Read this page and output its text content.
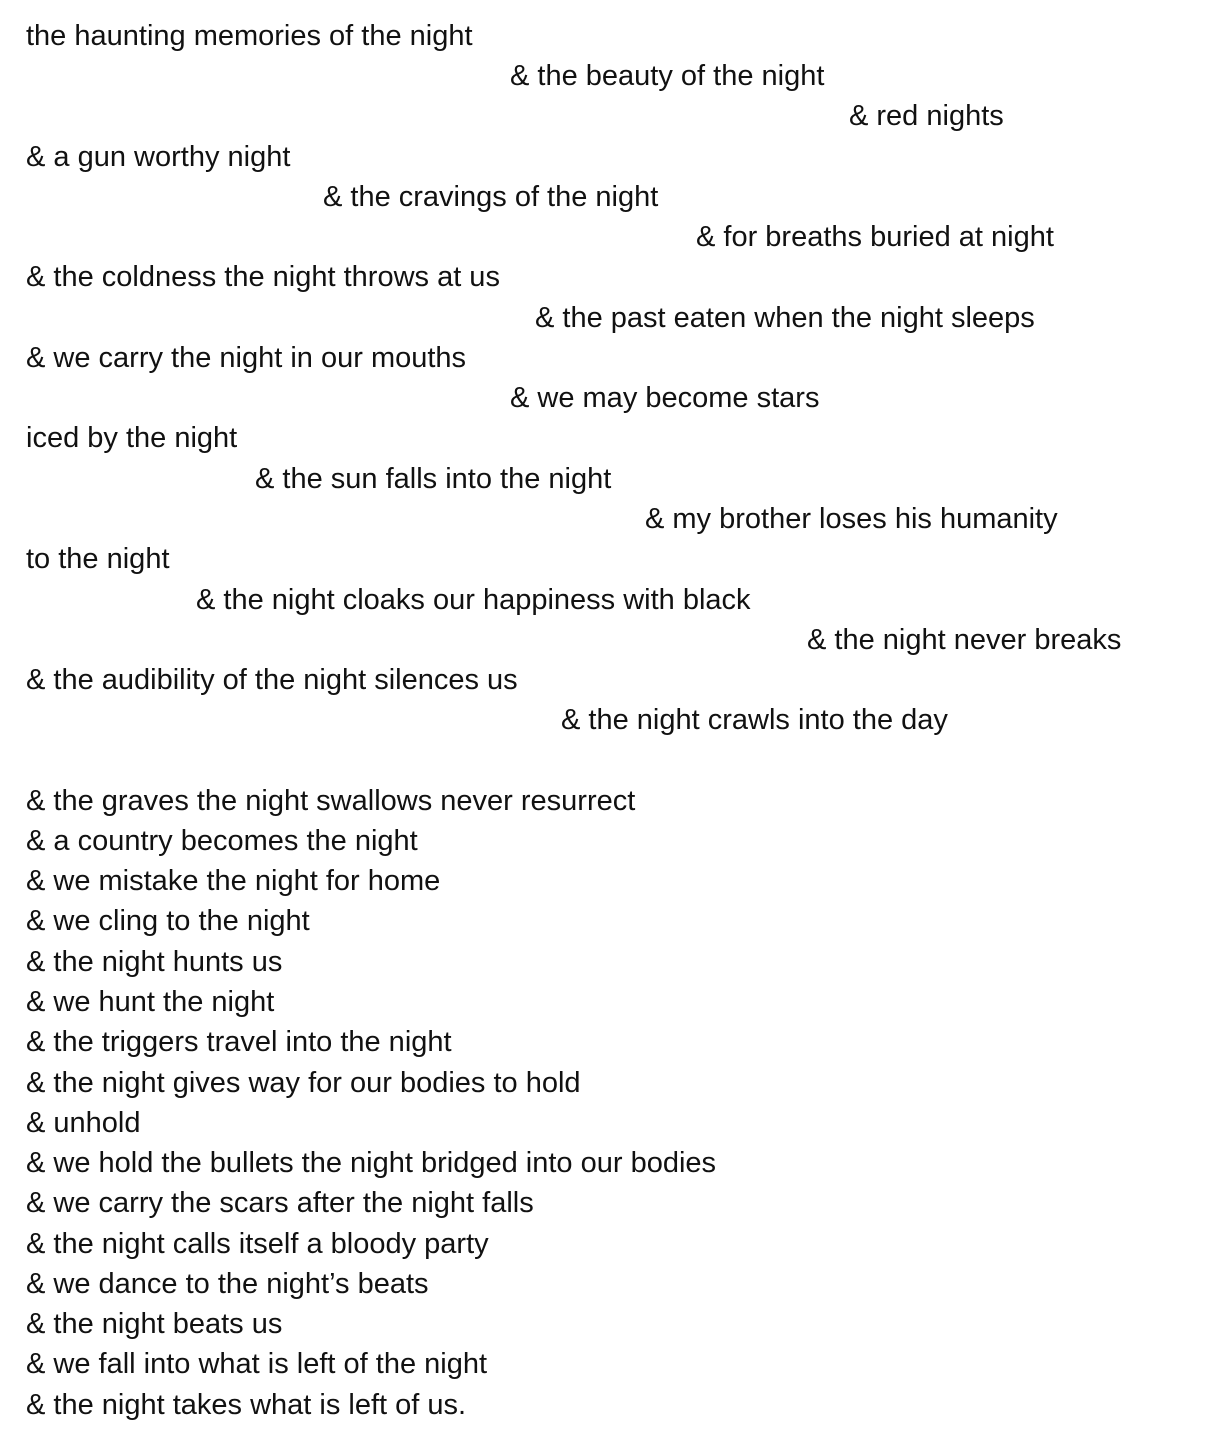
the haunting memories of the night

& the beauty of the night

& red nights

& a gun worthy night

& the cravings of the night

& for breaths buried at night

& the coldness the night throws at us

& the past eaten when the night sleeps

& we carry the night in our mouths

& we may become stars

iced by the night

& the sun falls into the night

& my brother loses his humanity

to the night

& the night cloaks our happiness with black

& the night never breaks

& the audibility of the night silences us

& the night crawls into the day

& the graves the night swallows never resurrect

& a country becomes the night

& we mistake the night for home

& we cling to the night

& the night hunts us

& we hunt the night

& the triggers travel into the night

& the night gives way for our bodies to hold

& unhold

& we hold the bullets the night bridged into our bodies

& we carry the scars after the night falls

& the night calls itself a bloody party

& we dance to the night’s beats

& the night beats us

& we fall into what is left of the night

& the night takes what is left of us.
